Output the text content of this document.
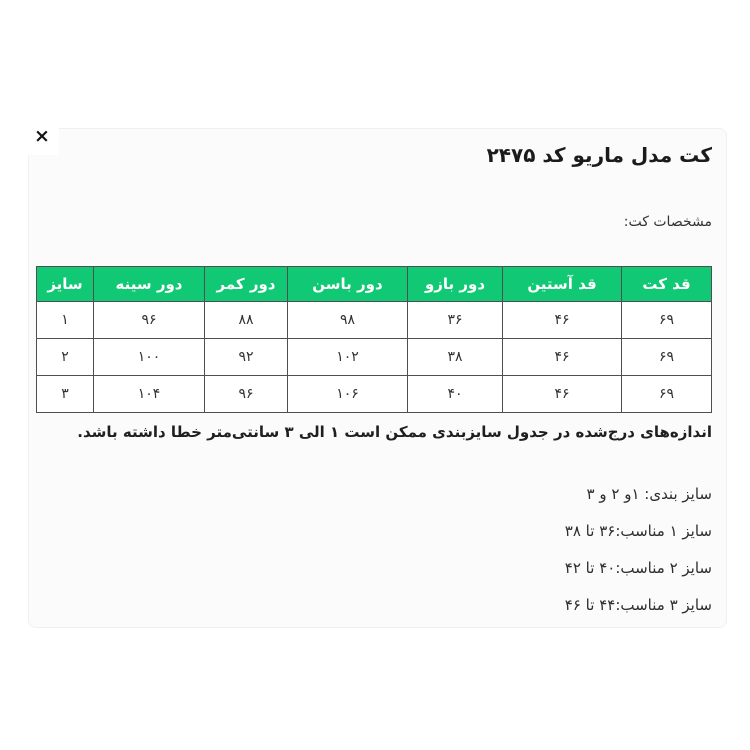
×
کت مدل ماریو کد ۲۴۷۵

مشخصات کت:

قد کت	قد آستین	دور بازو	دور باسن	دور کمر	دور سینه	سایز
۶۹	۴۶	۳۶	۹۸	۸۸	۹۶	۱
۶۹	۴۶	۳۸	۱۰۲	۹۲	۱۰۰	۲
۶۹	۴۶	۴۰	۱۰۶	۹۶	۱۰۴	۳

اندازه‌های درج‌شده در جدول سایزبندی ممکن است ۱ الی ۳ سانتی‌متر خطا داشته باشد.

سایز بندی: ۱و ۲ و ۳

سایز ۱ مناسب:۳۶ تا ۳۸

سایز ۲ مناسب:۴۰ تا ۴۲

سایز ۳ مناسب:۴۴ تا ۴۶
